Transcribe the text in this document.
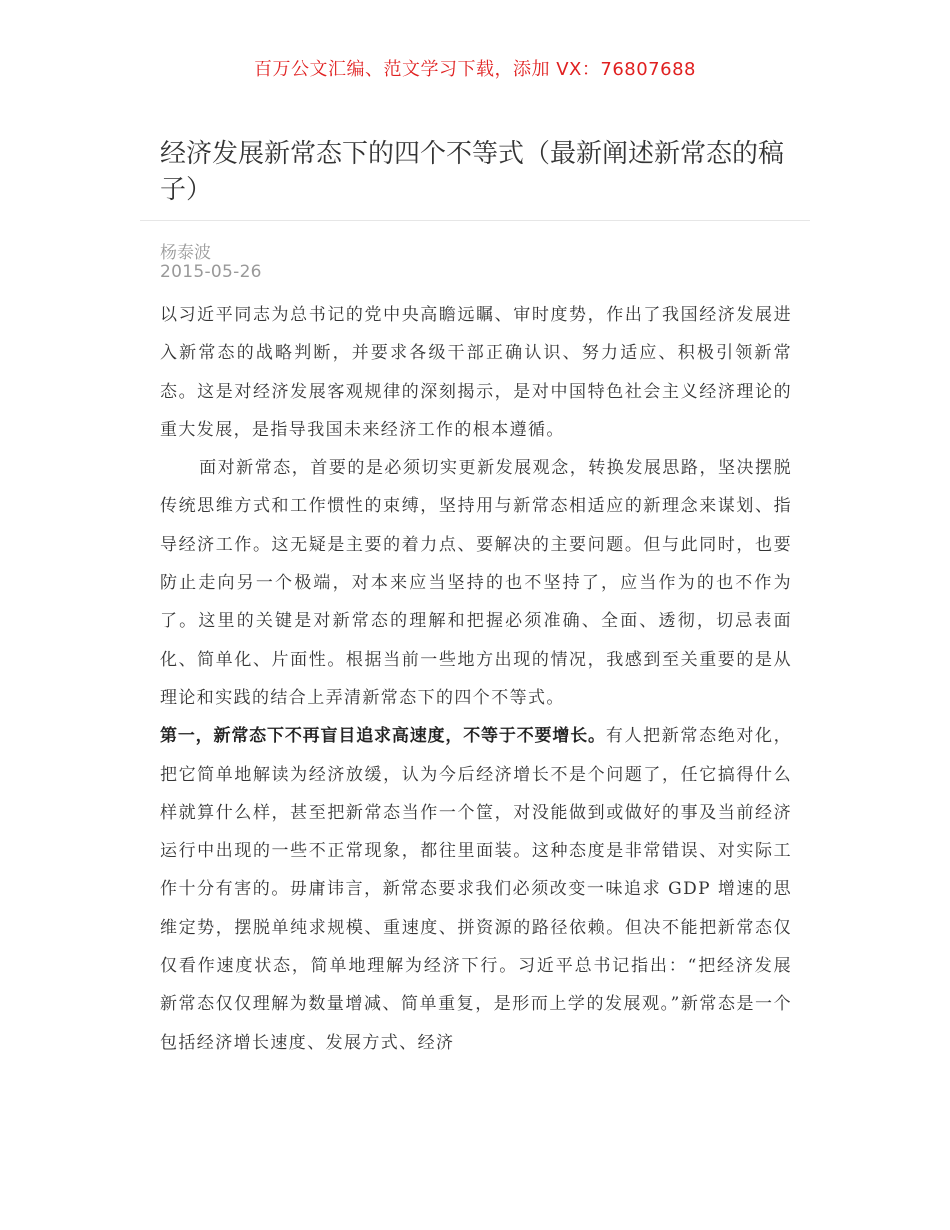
百万公文汇编、范文学习下载，添加 VX：76807688
经济发展新常态下的四个不等式（最新阐述新常态的稿子）
杨泰波
2015-05-26

以习近平同志为总书记的党中央高瞻远瞩、审时度势，作出了我国经济发展进入新常态的战略判断，并要求各级干部正确认识、努力适应、积极引领新常态。这是对经济发展客观规律的深刻揭示，是对中国特色社会主义经济理论的重大发展，是指导我国未来经济工作的根本遵循。

面对新常态，首要的是必须切实更新发展观念，转换发展思路，坚决摆脱传统思维方式和工作惯性的束缚，坚持用与新常态相适应的新理念来谋划、指导经济工作。这无疑是主要的着力点、要解决的主要问题。但与此同时，也要防止走向另一个极端，对本来应当坚持的也不坚持了，应当作为的也不作为了。这里的关键是对新常态的理解和把握必须准确、全面、透彻，切忌表面化、简单化、片面性。根据当前一些地方出现的情况，我感到至关重要的是从理论和实践的结合上弄清新常态下的四个不等式。

第一，新常态下不再盲目追求高速度，不等于不要增长。有人把新常态绝对化，把它简单地解读为经济放缓，认为今后经济增长不是个问题了，任它搞得什么样就算什么样，甚至把新常态当作一个筐，对没能做到或做好的事及当前经济运行中出现的一些不正常现象，都往里面装。这种态度是非常错误、对实际工作十分有害的。毋庸讳言，新常态要求我们必须改变一味追求 GDP 增速的思维定势，摆脱单纯求规模、重速度、拼资源的路径依赖。但决不能把新常态仅仅看作速度状态，简单地理解为经济下行。习近平总书记指出：“把经济发展新常态仅仅理解为数量增减、简单重复，是形而上学的发展观。”新常态是一个包括经济增长速度、发展方式、经济
